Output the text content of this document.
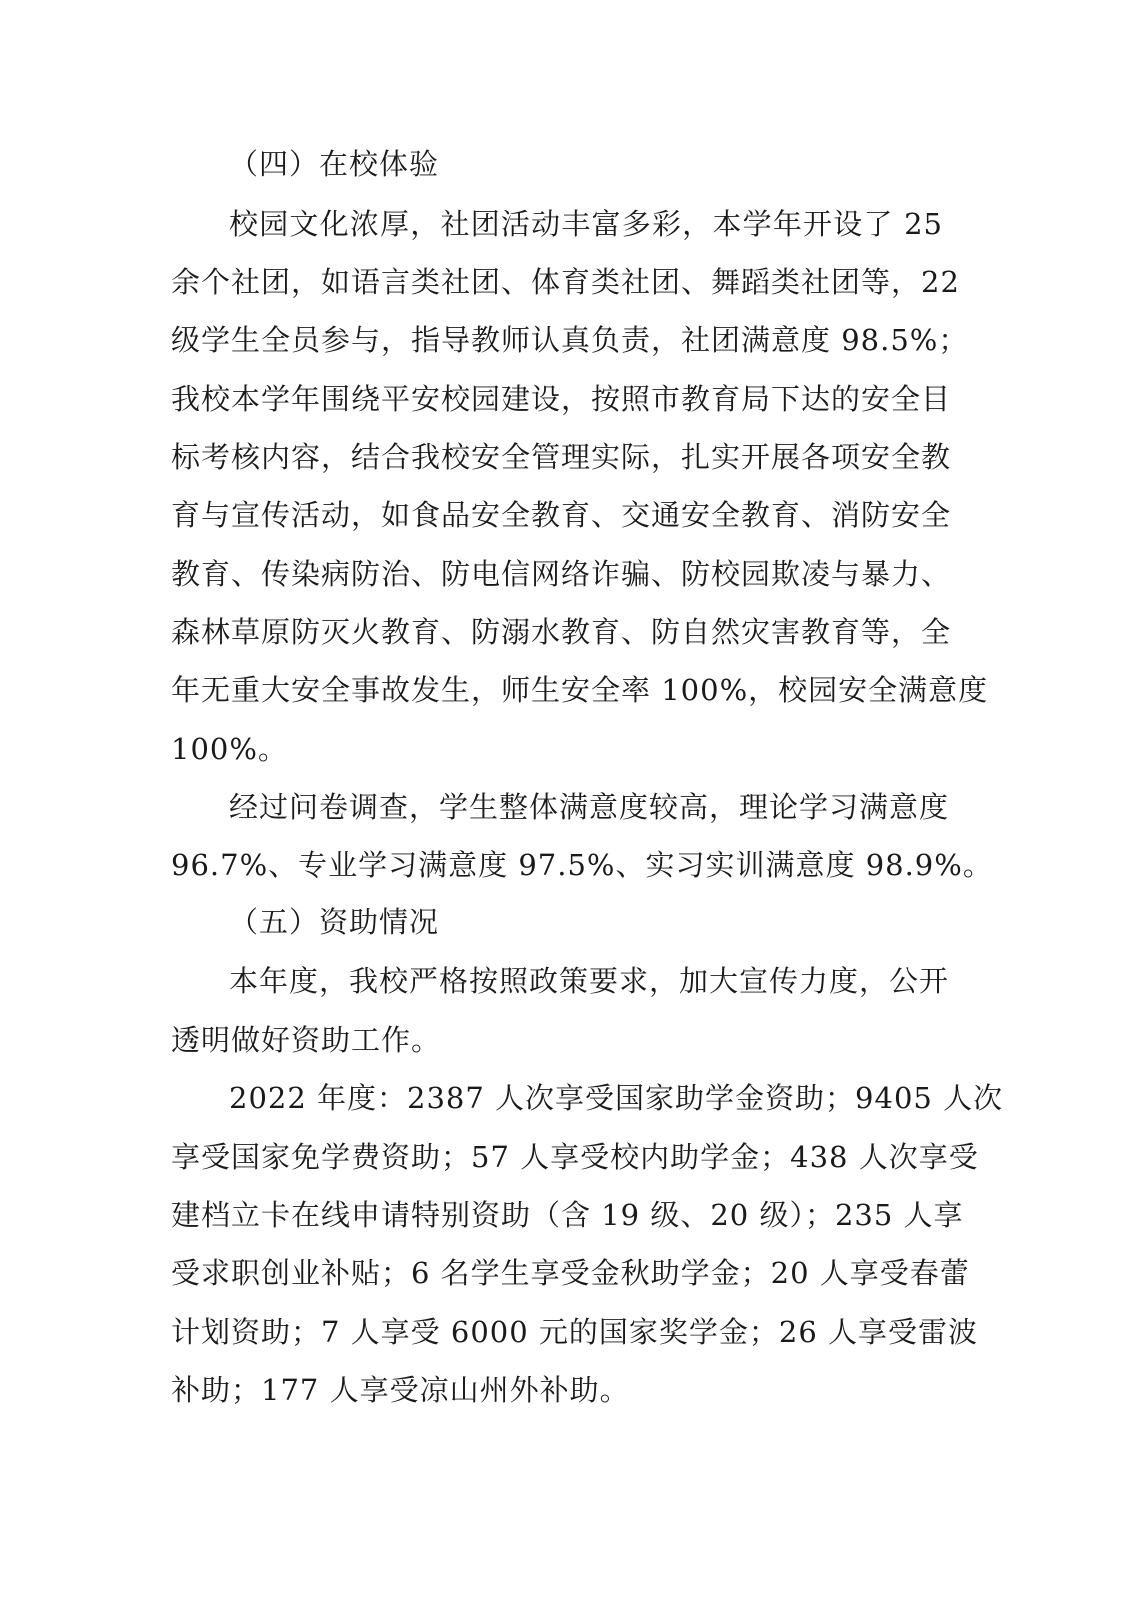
（四）在校体验
校园文化浓厚，社团活动丰富多彩，本学年开设了 25
余个社团，如语言类社团、体育类社团、舞蹈类社团等，22
级学生全员参与，指导教师认真负责，社团满意度 98.5%；
我校本学年围绕平安校园建设，按照市教育局下达的安全目
标考核内容，结合我校安全管理实际，扎实开展各项安全教
育与宣传活动，如食品安全教育、交通安全教育、消防安全
教育、传染病防治、防电信网络诈骗、防校园欺凌与暴力、
森林草原防灭火教育、防溺水教育、防自然灾害教育等，全
年无重大安全事故发生，师生安全率 100%，校园安全满意度
100%。
经过问卷调查，学生整体满意度较高，理论学习满意度
96.7%、专业学习满意度 97.5%、实习实训满意度 98.9%。
（五）资助情况
本年度，我校严格按照政策要求，加大宣传力度，公开
透明做好资助工作。
2022 年度：2387 人次享受国家助学金资助；9405 人次
享受国家免学费资助；57 人享受校内助学金；438 人次享受
建档立卡在线申请特别资助（含 19 级、20 级）；235 人享
受求职创业补贴；6 名学生享受金秋助学金；20 人享受春蕾
计划资助；7 人享受 6000 元的国家奖学金；26 人享受雷波
补助；177 人享受凉山州外补助。
